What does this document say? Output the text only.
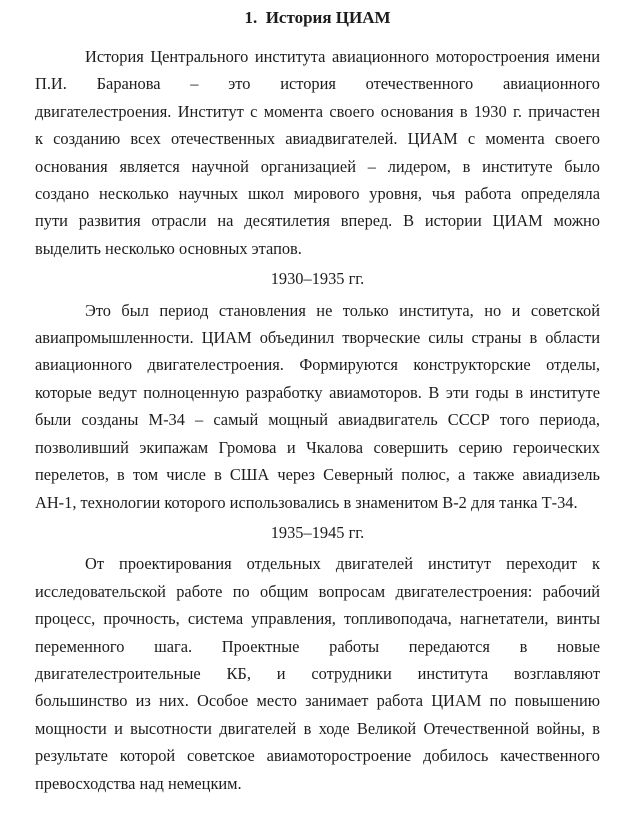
1.  История ЦИАМ
История Центрального института авиационного моторостроения имени
П.И. Баранова – это история отечественного авиационного
двигателестроения. Институт с момента своего основания в 1930 г. причастен
к созданию всех отечественных авиадвигателей. ЦИАМ с момента своего
основания является научной организацией – лидером, в институте было
создано несколько научных школ мирового уровня, чья работа определяла
пути развития отрасли на десятилетия вперед. В истории ЦИАМ можно
выделить несколько основных этапов.
1930–1935 гг.
Это был период становления не только института, но и советской
авиапромышленности. ЦИАМ объединил творческие силы страны в области
авиационного двигателестроения. Формируются конструкторские отделы,
которые ведут полноценную разработку авиамоторов. В эти годы в институте
были созданы М-34 – самый мощный авиадвигатель СССР того периода,
позволивший экипажам Громова и Чкалова совершить серию героических
перелетов, в том числе в США через Северный полюс, а также авиадизель
АН-1, технологии которого использовались в знаменитом В-2 для танка Т-34.
1935–1945 гг.
От проектирования отдельных двигателей институт переходит к
исследовательской работе по общим вопросам двигателестроения: рабочий
процесс, прочность, система управления, топливоподача, нагнетатели, винты
переменного шага. Проектные работы передаются в новые
двигателестроительные КБ, и сотрудники института возглавляют
большинство из них. Особое место занимает работа ЦИАМ по повышению
мощности и высотности двигателей в ходе Великой Отечественной войны, в
результате которой советское авиамоторостроение добилось качественного
превосходства над немецким.
